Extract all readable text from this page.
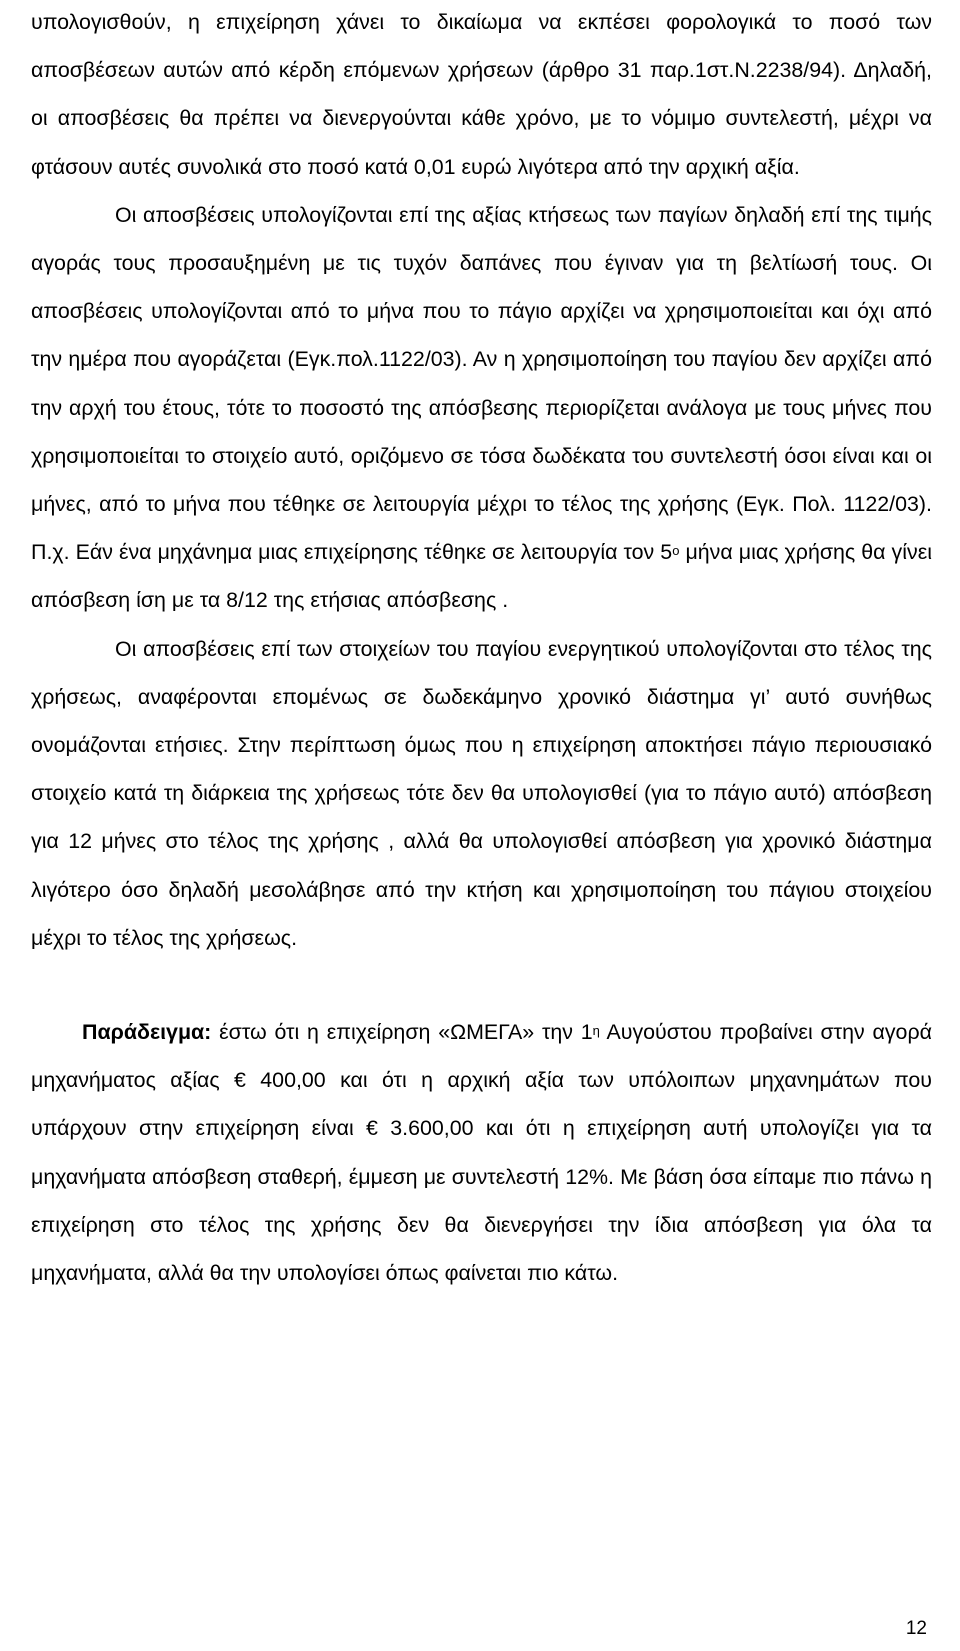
υπολογισθούν, η επιχείρηση χάνει το δικαίωμα να εκπέσει φορολογικά το ποσό των αποσβέσεων αυτών από κέρδη επόμενων χρήσεων (άρθρο 31 παρ.1στ.Ν.2238/94). Δηλαδή, οι αποσβέσεις θα πρέπει να διενεργούνται κάθε χρόνο, με το νόμιμο συντελεστή, μέχρι να φτάσουν αυτές συνολικά στο ποσό κατά 0,01 ευρώ λιγότερα από την αρχική αξία.

Οι αποσβέσεις υπολογίζονται επί της αξίας κτήσεως των παγίων δηλαδή επί της τιμής αγοράς τους προσαυξημένη με τις τυχόν δαπάνες που έγιναν για τη βελτίωσή τους. Οι αποσβέσεις υπολογίζονται από το μήνα που το πάγιο αρχίζει να χρησιμοποιείται και όχι από την ημέρα που αγοράζεται (Εγκ.πολ.1122/03). Αν η χρησιμοποίηση του παγίου δεν αρχίζει από την αρχή του έτους, τότε το ποσοστό της απόσβεσης περιορίζεται ανάλογα με τους μήνες που χρησιμοποιείται το στοιχείο αυτό, οριζόμενο σε τόσα δωδέκατα του συντελεστή όσοι είναι και οι μήνες, από το μήνα που τέθηκε σε λειτουργία μέχρι το τέλος της χρήσης (Εγκ. Πολ. 1122/03). Π.χ. Εάν ένα μηχάνημα μιας επιχείρησης τέθηκε σε λειτουργία τον $5^o$ μήνα μιας χρήσης θα γίνει απόσβεση ίση με τα 8/12 της ετήσιας απόσβεσης .

Οι αποσβέσεις επί των στοιχείων του παγίου ενεργητικού υπολογίζονται στο τέλος της χρήσεως, αναφέρονται επομένως σε δωδεκάμηνο χρονικό διάστημα γι’ αυτό συνήθως ονομάζονται ετήσιες. Στην περίπτωση όμως που η επιχείρηση αποκτήσει πάγιο περιουσιακό στοιχείο κατά τη διάρκεια της χρήσεως τότε δεν θα υπολογισθεί (για το πάγιο αυτό) απόσβεση για 12 μήνες στο τέλος της χρήσης , αλλά θα υπολογισθεί απόσβεση για χρονικό διάστημα λιγότερο όσο δηλαδή μεσολάβησε από την κτήση και χρησιμοποίηση του πάγιου στοιχείου μέχρι το τέλος της χρήσεως.

Παράδειγμα: έστω ότι η επιχείρηση «ΩΜΕΓΑ» την $1^\eta$ Αυγούστου προβαίνει στην αγορά μηχανήματος αξίας € 400,00 και ότι η αρχική αξία των υπόλοιπων μηχανημάτων που υπάρχουν στην επιχείρηση είναι € 3.600,00 και ότι η επιχείρηση αυτή υπολογίζει για τα μηχανήματα απόσβεση σταθερή, έμμεση με συντελεστή 12%. Με βάση όσα είπαμε πιο πάνω η επιχείρηση στο τέλος της χρήσης δεν θα διενεργήσει την ίδια απόσβεση για όλα τα μηχανήματα, αλλά θα την υπολογίσει όπως φαίνεται πιο κάτω.

12
